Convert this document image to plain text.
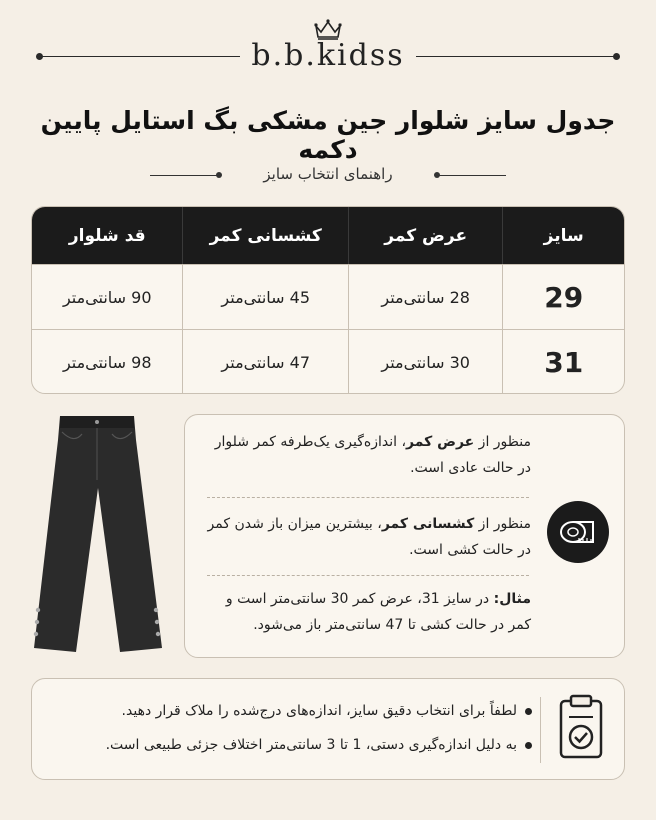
b.b.kidss
جدول سایز شلوار جین مشکی بگ استایل پایین دکمه
راهنمای انتخاب سایز
سایز
عرض کمر
کشسانی کمر
قد شلوار
29
28 سانتی‌متر
45 سانتی‌متر
90 سانتی‌متر
31
30 سانتی‌متر
47 سانتی‌متر
98 سانتی‌متر
منظور از عرض کمر، اندازه‌گیری یک‌طرفه کمر شلوار در حالت عادی است.
منظور از کشسانی کمر، بیشترین میزان باز شدن کمر در حالت کشی است.
مثال: در سایز 31، عرض کمر 30 سانتی‌متر است و کمر در حالت کشی تا 47 سانتی‌متر باز می‌شود.
لطفاً برای انتخاب دقیق سایز، اندازه‌های درج‌شده را ملاک قرار دهید.
به دلیل اندازه‌گیری دستی، 1 تا 3 سانتی‌متر اختلاف جزئی طبیعی است.
